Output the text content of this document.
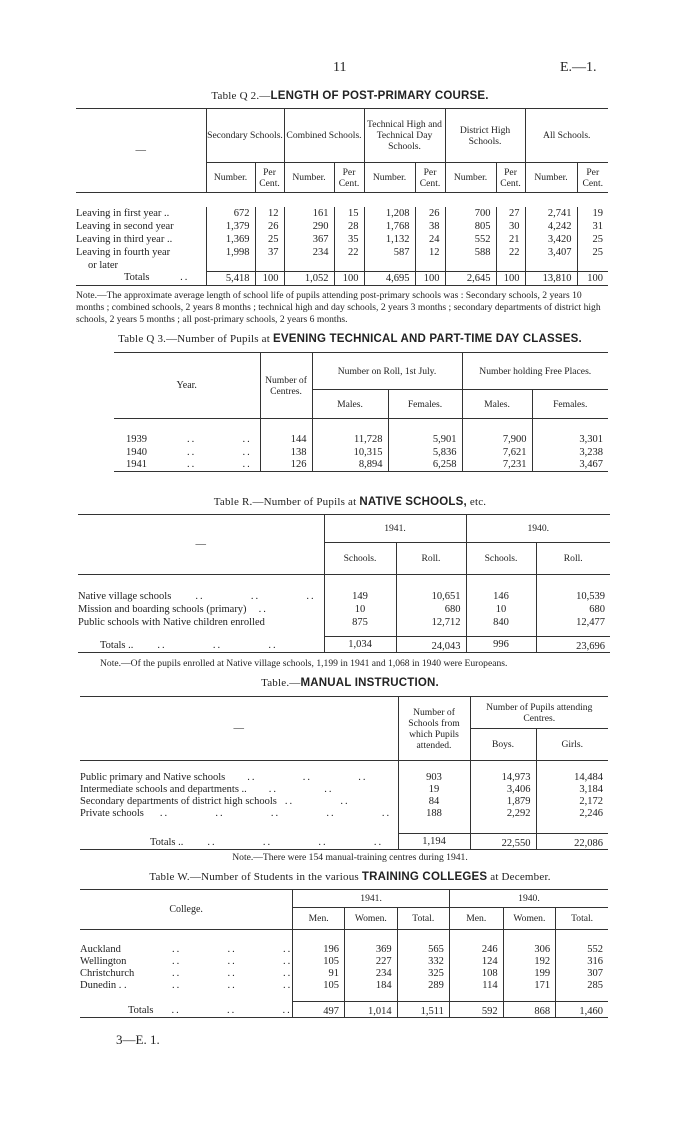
11	E.—1.
Table Q 2.—LENGTH OF POST-PRIMARY COURSE.
—	Secondary Schools.		Combined Schools.		Technical High and Technical Day Schools.		District High Schools.		All Schools.	
	Number.	Per Cent.	Number.	Per Cent.	Number.	Per Cent.	Number.	Per Cent.	Number.	Per Cent.

Leaving in first year ..	672	12	161	15	1,208	26	700	27	2,741	19
Leaving in second year	1,379	26	290	28	1,768	38	805	30	4,242	31
Leaving in third year ..	1,369	25	367	35	1,132	24	552	21	3,420	25
Leaving in fourth year	1,998	37	234	22	587	12	588	22	3,407	25
or later										
Totals ..	5,418	100	1,052	100	4,695	100	2,645	100	13,810	100
Note.—The approximate average length of school life of pupils attending post-primary schools was : Secondary schools, 2 years 10 months ; combined schools, 2 years 8 months ; technical high and day schools, 2 years 3 months ; secondary departments of district high schools, 2 years 5 months ; all post-primary schools, 2 years 6 months.
Table Q 3.—Number of Pupils at EVENING TECHNICAL AND PART-TIME DAY CLASSES.
Year.	Number of Centres.	Number on Roll, 1st July.		Number holding Free Places.	
		Males.	Females.	Males.	Females.

1939 ..          ..	144	11,728	5,901	7,900	3,301
1940 ..          ..	138	10,315	5,836	7,621	3,238
1941 ..          ..	126	8,894	6,258	7,231	3,467
Table R.—Number of Pupils at NATIVE SCHOOLS, etc.
—	1941.		1940.	
	Schools.	Roll.	Schools.	Roll.

Native village schools ..          ..          ..	149	10,651	146	10,539
Mission and boarding schools (primary) ..	10	680	10	680
Public schools with Native children enrolled	875	12,712	840	12,477

Totals .. ..          ..          ..	1,034	24,043	996	23,696
Note.—Of the pupils enrolled at Native village schools, 1,199 in 1941 and 1,068 in 1940 were Europeans.
Table.—MANUAL INSTRUCTION.
—	Number of Schools from which Pupils attended.	Number of Pupils attending Centres.	
		Boys.	Girls.

Public primary and Native schools ..          ..          ..	903	14,973	14,484
Intermediate schools and departments .. ..          ..	19	3,406	3,184
Secondary departments of district high schools ..          ..	84	1,879	2,172
Private schools ..          ..          ..          ..          ..	188	2,292	2,246

Totals .. ..          ..          ..          ..	1,194	22,550	22,086
Note.—There were 154 manual-training centres during 1941.
Table W.—Number of Students in the various TRAINING COLLEGES at December.
College.	1941.			1940.		
	Men.	Women.	Total.	Men.	Women.	Total.

Auckland ..          ..          ..	196	369	565	246	306	552
Wellington ..          ..          ..	105	227	332	124	192	316
Christchurch ..          ..          ..	91	234	325	108	199	307
Dunedin . . ..          ..          ..	105	184	289	114	171	285

Totals ..          ..          ..	497	1,014	1,511	592	868	1,460
3—E. 1.
